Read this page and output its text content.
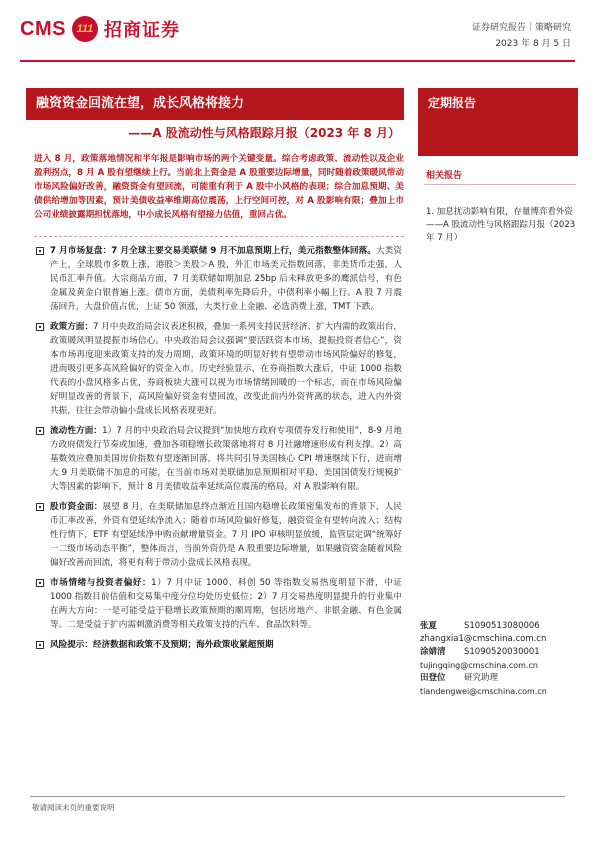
CMS 111 招商证券	证券研究报告｜策略研究
2023 年 8 月 5 日
融资资金回流在望，成长风格将接力
——A 股流动性与风格跟踪月报（2023 年 8 月）
定期报告
进入 8 月，政策落地情况和半年报是影响市场的两个关键变量。综合考虑政策、流动性以及企业盈利拐点，8 月 A 股有望继续上行。当前北上资金是 A 股重要边际增量，同时随着政策暖风带动市场风险偏好改善，融资资金有望回流，可能重有利于 A 股中小风格的表现；综合加息预期、美债供给增加等因素，预计美债收益率维期高位震荡，上行空间可控，对 A 股影响有限；叠加上市公司业绩披露期担忧落地，中小成长风格有望接力估值，重回占优。
7 月市场复盘：7 月全球主要交易美联储 9 月不加息预期上行，美元指数整体回落。大类资产上，全球股市多数上涨，港股＞美股＞A 股，外汇市场美元指数回落，非美货币走强，人民币汇率升值。大宗商品方面，7 月美联储如期加息 25bp 后未释放更多的鹰派信号，有色金属及黄金白银普遍上涨。债市方面，美债利率先降后升，中债利率小幅上行。A 股 7 月震荡回升，大盘价值占优，上证 50 领涨，大类行业上金融、必选消费上涨，TMT 下跌。
政策方面：7 月中央政治局会议表述积极，叠加一系列支持民营经济、扩大内需的政策出台，政策暖风明显提振市场信心。中央政治局会议强调“要活跃资本市场，提振投资者信心”，资本市场再度迎来政策支持的发力周期，政策环境的明显好转有望带动市场风险偏好的修复，进而吸引更多高风险偏好的资金入市。历史经验显示，在券商指数大涨后，中证 1000 指数代表的小盘风格多占优，券商板块大涨可以视为市场情绪回暖的一个标志，而在市场风险偏好明显改善的背景下，高风险偏好资金有望回流，改变此前内外资背离的状态，进入内外资共振，往往会带动偏小盘成长风格表现更好。
流动性方面：1）7 月的中央政治局会议提到“加快地方政府专项债券发行和使用”，8-9 月地方政府债发行节奏或加速，叠加各项稳增长政策落地将对 8 月社融增速形成有利支撑。2）高基数效应叠加美国房价指数有望逐渐回落，将共同引导美国核心 CPI 增速继续下行，进而增大 9 月美联储不加息的可能，在当前市场对美联储加息预期相对平稳、美国国债发行规模扩大等因素的影响下，预计 8 月美债收益率延续高位震荡的格局，对 A 股影响有限。
股市资金面：展望 8 月，在美联储加息终点渐近且国内稳增长政策密集发布的背景下，人民币汇率改善，外资有望延续净流入；随着市场风险偏好修复，融资资金有望转向流入；结构性行情下，ETF 有望延续净申购贡献增量资金。7 月 IPO 审核明显放缓，监管层定调“统筹好一二级市场动态平衡”，整体而言，当前外资仍是 A 股重要边际增量，如果融资资金随着风险偏好改善而回流，将更有利于带动小盘成长风格表现。
市场情绪与投资者偏好：1）7 月中证 1000、科创 50 等指数交易热度明显下滑，中证 1000 指数目前估值和交易集中度分位均处历史低位；2）7 月交易热度明显提升的行业集中在两大方向：一是可能受益于稳增长政策预期的顺周期，包括房地产、非银金融、有色金属等。二是受益于扩内需刺激消费等相关政策支持的汽车、食品饮料等。
风险提示：经济数据和政策不及预期；海外政策收紧超预期
相关报告
1. 加息扰动影响有限，存量博弈看外资 ——A 股流动性与风格跟踪月报（2023 年 7 月）
张夏	S1090513080006
zhangxia1@cmschina.com.cn
涂婧清	S1090520030001
tujingqing@cmschina.com.cn
田登位	研究助理
tiandengwei@cmschina.com.cn
敬请阅读末页的重要说明
